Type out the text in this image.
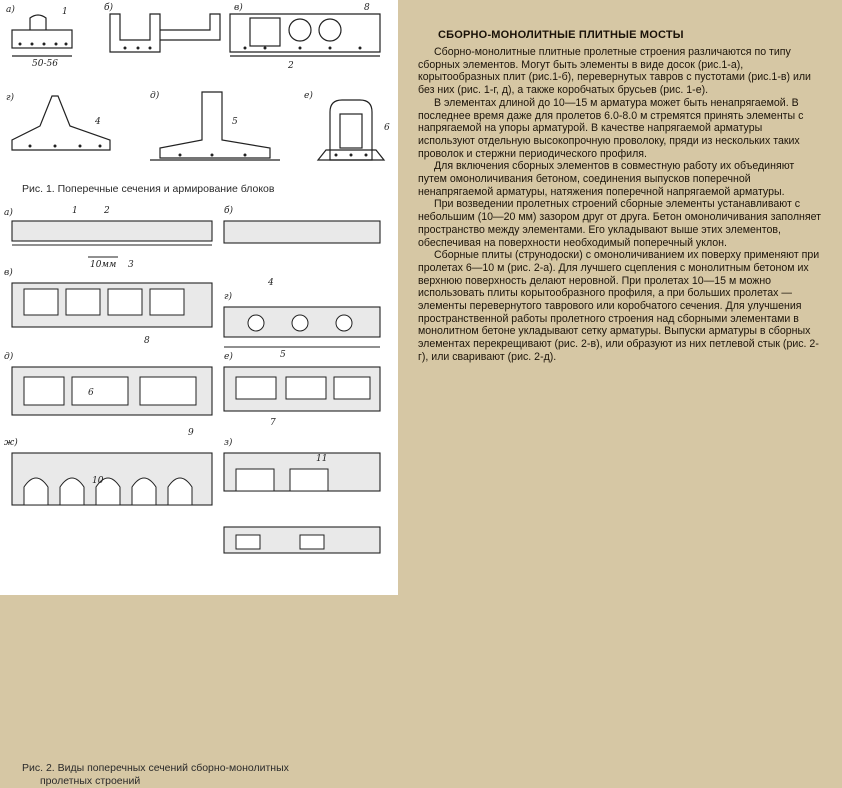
а)	б)	в)
г)	д)	е)
50-56
1	8
2
4	5
6
Рис. 1. Поперечные сечения и армирование блоков
а)	б)
в)
г)
д)	е)
ж)	з)
10мм
1	2
3
4
5
6
7
8
9
10
11
Рис. 2. Виды поперечных сечений сборно-монолитных
пролетных строений
СБОРНО-МОНОЛИТНЫЕ ПЛИТНЫЕ МОСТЫ

Сборно-монолитные плитные пролетные строения различаются по типу сборных элементов. Могут быть элементы в виде досок (рис.1-а), корытообразных плит (рис.1-б), перевернутых тавров с пустотами (рис.1-в) или без них (рис. 1-г, д), а также коробчатых брусьев (рис. 1-е).

В элементах длиной до 10—15 м арматура может быть ненапрягаемой. В последнее время даже для пролетов 6.0-8.0 м стремятся принять элементы с напрягаемой на упоры арматурой. В качестве напрягаемой арматуры используют отдельную высокопрочную проволоку, пряди из нескольких таких проволок и стержни периодического профиля.

Для включения сборных элементов в совместную работу их объединяют путем омоноличивания бетоном, соединения выпусков поперечной ненапрягаемой арматуры, натяжения поперечной напрягаемой арматуры.

При возведении пролетных строений сборные элементы устанавливают с небольшим (10—20 мм) зазором друг от друга. Бетон омоноличивания заполняет пространство между элементами. Его укладывают выше этих элементов, обеспечивая на поверхности необходимый поперечный уклон.

Сборные плиты (струнодоски) с омоноличиванием их поверху применяют при пролетах 6—10 м (рис. 2-а). Для лучшего сцепления с монолитным бетоном их верхнюю поверхность делают неровной. При пролетах 10—15 м можно использовать плиты корытообразного профиля, а при больших пролетах — элементы перевернутого таврового или коробчатого сечения. Для улучшения пространственной работы пролетного строения над сборными элементами в монолитном бетоне укладывают сетку арматуры. Выпуски арматуры в сборных элементах перекрещивают (рис. 2-в), или образуют из них петлевой стык (рис. 2- г), или сваривают (рис. 2-д).
